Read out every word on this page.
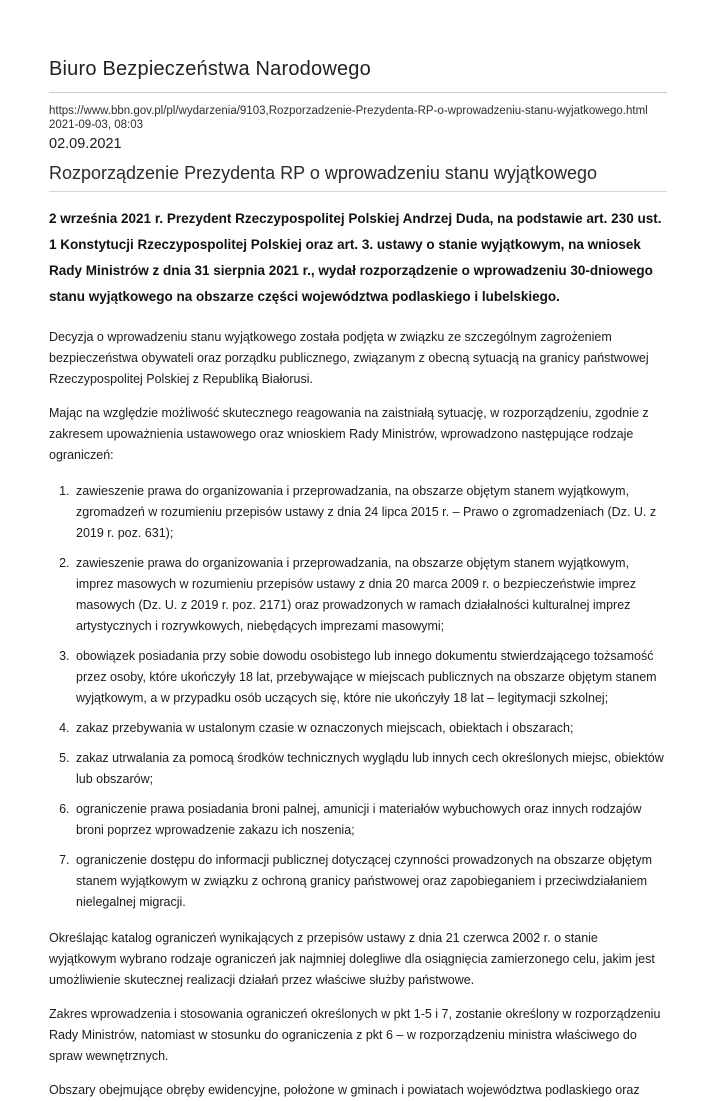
Biuro Bezpieczeństwa Narodowego
https://www.bbn.gov.pl/pl/wydarzenia/9103,Rozporzadzenie-Prezydenta-RP-o-wprowadzeniu-stanu-wyjatkowego.html
2021-09-03, 08:03
02.09.2021
Rozporządzenie Prezydenta RP o wprowadzeniu stanu wyjątkowego

2 września 2021 r. Prezydent Rzeczypospolitej Polskiej Andrzej Duda, na podstawie art. 230 ust. 1 Konstytucji Rzeczypospolitej Polskiej oraz art. 3. ustawy o stanie wyjątkowym, na wniosek Rady Ministrów z dnia 31 sierpnia 2021 r., wydał rozporządzenie o wprowadzeniu 30-dniowego stanu wyjątkowego na obszarze części województwa podlaskiego i lubelskiego.

Decyzja o wprowadzeniu stanu wyjątkowego została podjęta w związku ze szczególnym zagrożeniem bezpieczeństwa obywateli oraz porządku publicznego, związanym z obecną sytuacją na granicy państwowej Rzeczypospolitej Polskiej z Republiką Białorusi.

Mając na względzie możliwość skutecznego reagowania na zaistniałą sytuację, w rozporządzeniu, zgodnie z zakresem upoważnienia ustawowego oraz wnioskiem Rady Ministrów, wprowadzono następujące rodzaje ograniczeń:

1. zawieszenie prawa do organizowania i przeprowadzania, na obszarze objętym stanem wyjątkowym, zgromadzeń w rozumieniu przepisów ustawy z dnia 24 lipca 2015 r. – Prawo o zgromadzeniach (Dz. U. z 2019 r. poz. 631);
2. zawieszenie prawa do organizowania i przeprowadzania, na obszarze objętym stanem wyjątkowym, imprez masowych w rozumieniu przepisów ustawy z dnia 20 marca 2009 r. o bezpieczeństwie imprez masowych (Dz. U. z 2019 r. poz. 2171) oraz prowadzonych w ramach działalności kulturalnej imprez artystycznych i rozrywkowych, niebędących imprezami masowymi;
3. obowiązek posiadania przy sobie dowodu osobistego lub innego dokumentu stwierdzającego tożsamość przez osoby, które ukończyły 18 lat, przebywające w miejscach publicznych na obszarze objętym stanem wyjątkowym, a w przypadku osób uczących się, które nie ukończyły 18 lat – legitymacji szkolnej;
4. zakaz przebywania w ustalonym czasie w oznaczonych miejscach, obiektach i obszarach;
5. zakaz utrwalania za pomocą środków technicznych wyglądu lub innych cech określonych miejsc, obiektów lub obszarów;
6. ograniczenie prawa posiadania broni palnej, amunicji i materiałów wybuchowych oraz innych rodzajów broni poprzez wprowadzenie zakazu ich noszenia;
7. ograniczenie dostępu do informacji publicznej dotyczącej czynności prowadzonych na obszarze objętym stanem wyjątkowym w związku z ochroną granicy państwowej oraz zapobieganiem i przeciwdziałaniem nielegalnej migracji.

Określając katalog ograniczeń wynikających z przepisów ustawy z dnia 21 czerwca 2002 r. o stanie wyjątkowym wybrano rodzaje ograniczeń jak najmniej dolegliwe dla osiągnięcia zamierzonego celu, jakim jest umożliwienie skutecznej realizacji działań przez właściwe służby państwowe.

Zakres wprowadzenia i stosowania ograniczeń określonych w pkt 1-5 i 7, zostanie określony w rozporządzeniu Rady Ministrów, natomiast w stosunku do ograniczenia z pkt 6 – w rozporządzeniu ministra właściwego do spraw wewnętrznych.

Obszary obejmujące obręby ewidencyjne, położone w gminach i powiatach województwa podlaskiego oraz
